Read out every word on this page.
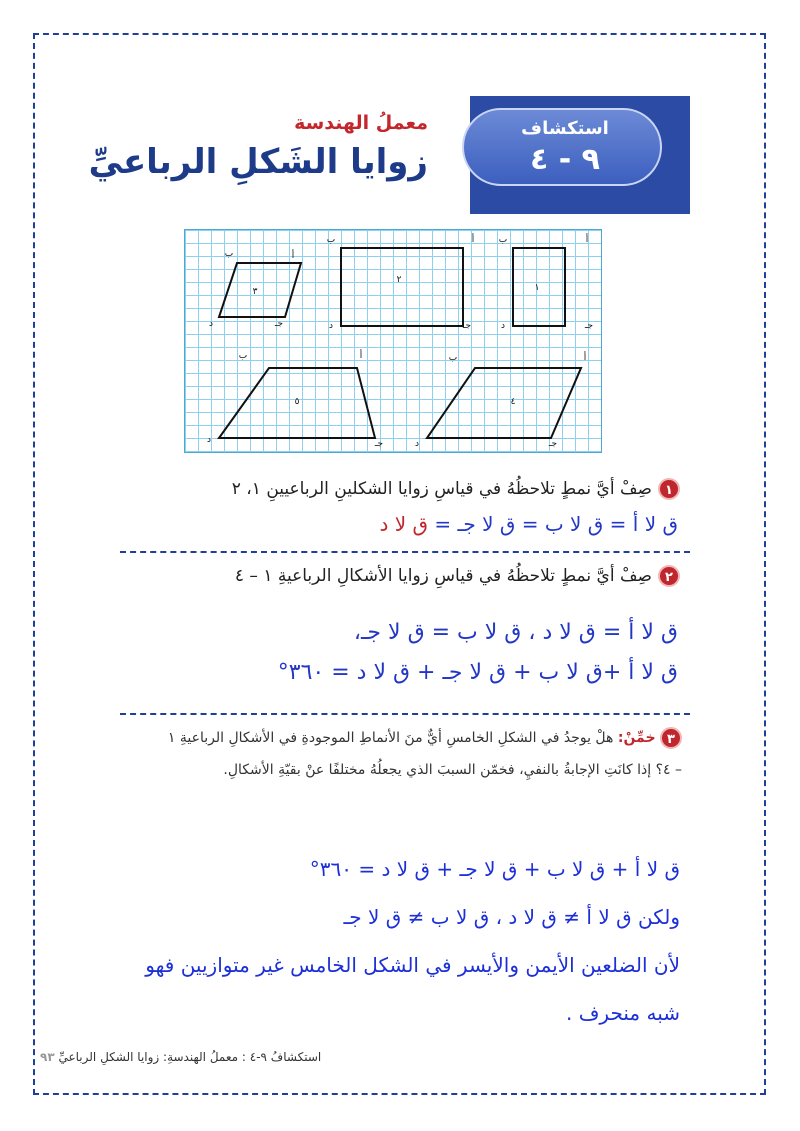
استكشاف
٩ - ٤
معملُ الهندسة
زوايا الشَكلِ الرباعيِّ
١
أ
ب
جـ
د
٢
أ
ب
جـ
د
٣
أ
ب
جـ
د
٤
أ
ب
جـ
د
٥
أ
ب
جـ
د
١صِفْ أيَّ نمطٍ تلاحظُهُ في قياسِ زوايا الشكلينِ الرباعيينِ ١، ٢
ق لا أ = ق لا ب = ق لا جـ = ق لا د
٢صِفْ أيَّ نمطٍ تلاحظُهُ في قياسِ زوايا الأشكالِ الرباعيةِ ١ – ٤
ق لا أ = ق لا د ، ق لا ب = ق لا جـ،
ق لا أ +ق لا ب + ق لا جـ + ق لا د = ٣٦٠°
٣ خمِّنْ: هلْ يوجدُ في الشكلِ الخامسِ أيٌّ منَ الأنماطِ الموجودةِ في الأشكالِ الرباعيةِ ١ – ٤؟ إذا كانَتِ الإجابةُ بالنفيِ، فخمّن السببَ الذي يجعلُهُ مختلفًا عنْ بقيّةِ الأشكالِ.
ق لا أ + ق لا ب + ق لا جـ + ق لا د = ٣٦٠°
ولكن ق لا أ ≠ ق لا د ، ق لا ب ≠ ق لا جـ
لأن الضلعين الأيمن والأيسر في الشكل الخامس غير متوازيين فهو
شبه منحرف .
استكشافُ ٩-٤ : معملُ الهندسةِ: زوايا الشكلِ الرباعيِّ ٩٣
